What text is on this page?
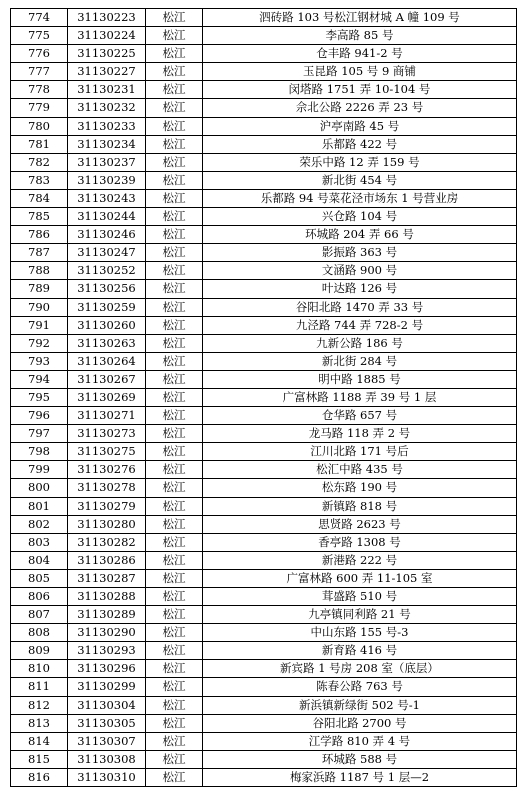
774	31130223	松江	泗砖路 103 号松江钢材城 A 幢 109 号
775	31130224	松江	李高路 85 号
776	31130225	松江	仓丰路 941-2 号
777	31130227	松江	玉昆路 105 号 9 商铺
778	31130231	松江	闵塔路 1751 弄 10-104 号
779	31130232	松江	佘北公路 2226 弄 23 号
780	31130233	松江	沪亭南路 45 号
781	31130234	松江	乐都路 422 号
782	31130237	松江	荣乐中路 12 弄 159 号
783	31130239	松江	新北街 454 号
784	31130243	松江	乐都路 94 号菜花泾市场东 1 号营业房
785	31130244	松江	兴仓路 104 号
786	31130246	松江	环城路 204 弄 66 号
787	31130247	松江	影振路 363 号
788	31130252	松江	文涵路 900 号
789	31130256	松江	叶达路 126 号
790	31130259	松江	谷阳北路 1470 弄 33 号
791	31130260	松江	九泾路 744 弄 728-2 号
792	31130263	松江	九新公路 186 号
793	31130264	松江	新北街 284 号
794	31130267	松江	明中路 1885 号
795	31130269	松江	广富林路 1188 弄 39 号 1 层
796	31130271	松江	仓华路 657 号
797	31130273	松江	龙马路 118 弄 2 号
798	31130275	松江	江川北路 171 号后
799	31130276	松江	松汇中路 435 号
800	31130278	松江	松东路 190 号
801	31130279	松江	新镇路 818 号
802	31130280	松江	思贤路 2623 号
803	31130282	松江	香亭路 1308 号
804	31130286	松江	新港路 222 号
805	31130287	松江	广富林路 600 弄 11-105 室
806	31130288	松江	茸盛路 510 号
807	31130289	松江	九亭镇同利路 21 号
808	31130290	松江	中山东路 155 号-3
809	31130293	松江	新育路 416 号
810	31130296	松江	新宾路 1 号房 208 室（底层）
811	31130299	松江	陈春公路 763 号
812	31130304	松江	新浜镇新绿街 502 号-1
813	31130305	松江	谷阳北路 2700 号
814	31130307	松江	江学路 810 弄 4 号
815	31130308	松江	环城路 588 号
816	31130310	松江	梅家浜路 1187 号 1 层—2
